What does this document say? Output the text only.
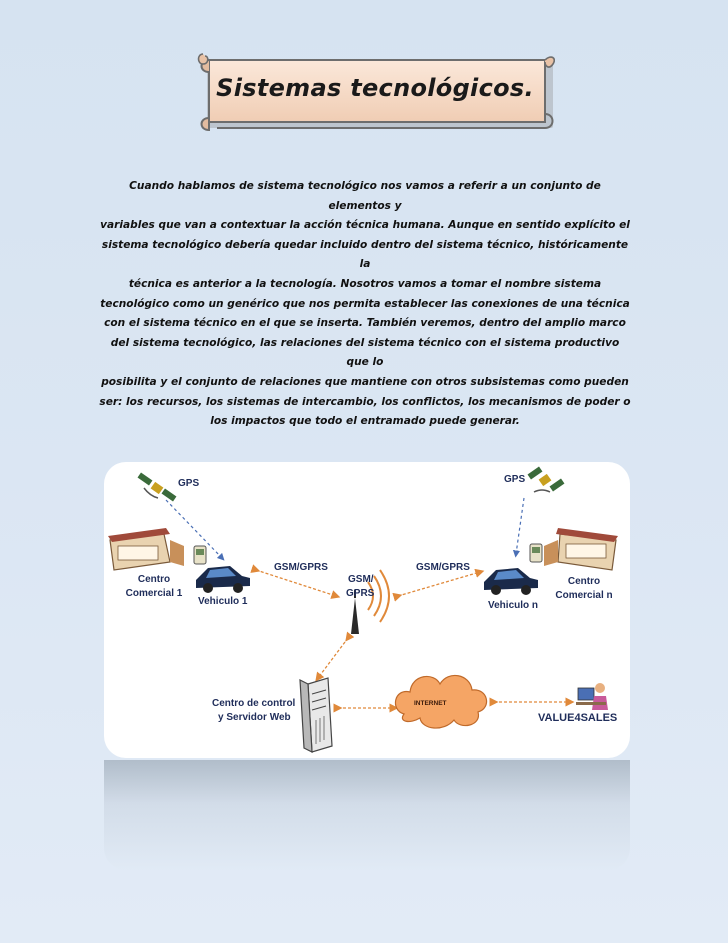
Sistemas tecnológicos.
Cuando hablamos de sistema tecnológico nos vamos a referir a un conjunto de elementos y
variables que van a contextuar la acción técnica humana. Aunque en sentido explícito el
sistema tecnológico debería quedar incluido dentro del sistema técnico, históricamente la
técnica es anterior a la tecnología. Nosotros vamos a tomar el nombre sistema
tecnológico como un genérico que nos permita establecer las conexiones de una técnica
con el sistema técnico en el que se inserta. También veremos, dentro del amplio marco
del sistema tecnológico, las relaciones del sistema técnico con el sistema productivo que lo
posibilita y el conjunto de relaciones que mantiene con otros subsistemas como pueden
ser: los recursos, los sistemas de intercambio, los conflictos, los mecanismos de poder o
los impactos que todo el entramado puede generar.
GPS	GPS
Centro
Comercial 1
Vehiculo 1
GSM/GPRS
GSM/
GPRS
GSM/GPRS
Vehiculo n
Centro
Comercial n
Centro de control
y Servidor Web
INTERNET
VALUE4SALES
